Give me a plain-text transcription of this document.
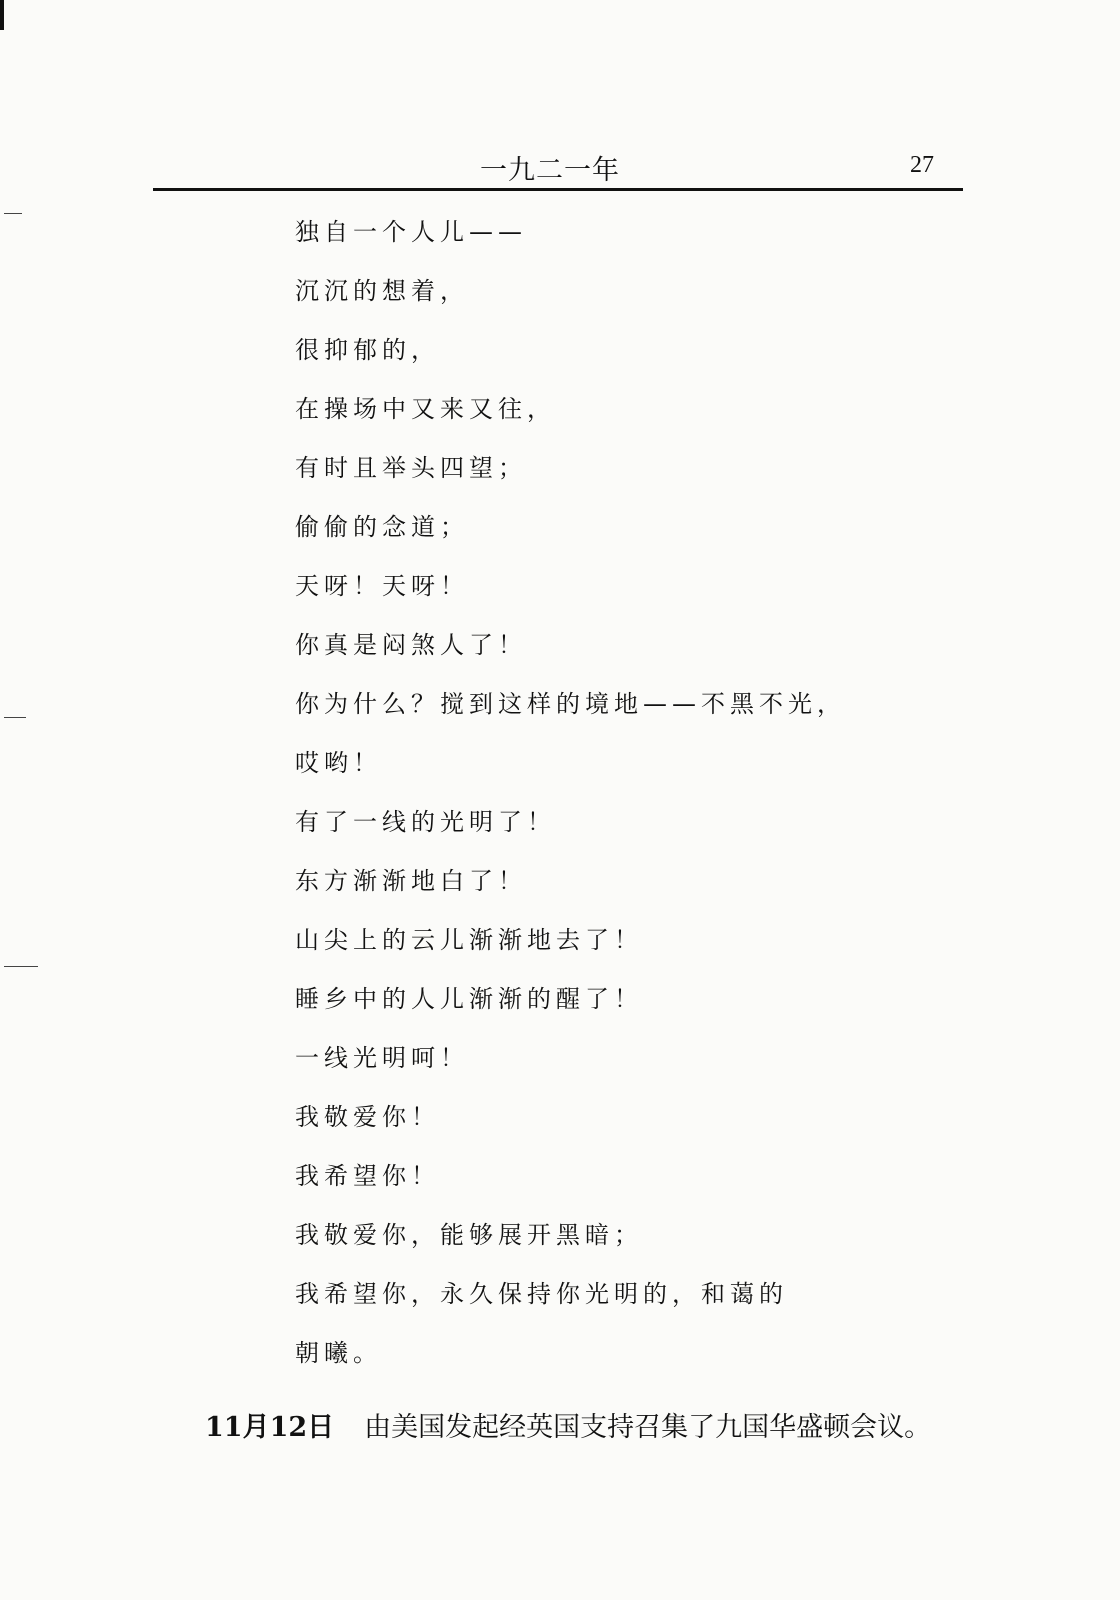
一九二一年	27
独自一个人儿——
沉沉的想着，
很抑郁的，
在操场中又来又往，
有时且举头四望；
偷偷的念道；
天呀！天呀！
你真是闷煞人了！
你为什么？搅到这样的境地——不黑不光，
哎哟！
有了一线的光明了！
东方渐渐地白了！
山尖上的云儿渐渐地去了！
睡乡中的人儿渐渐的醒了！
一线光明呵！
我敬爱你！
我希望你！
我敬爱你，能够展开黑暗；
我希望你，永久保持你光明的，和蔼的
朝曦。
11月12日 由美国发起经英国支持召集了九国华盛顿会议。
